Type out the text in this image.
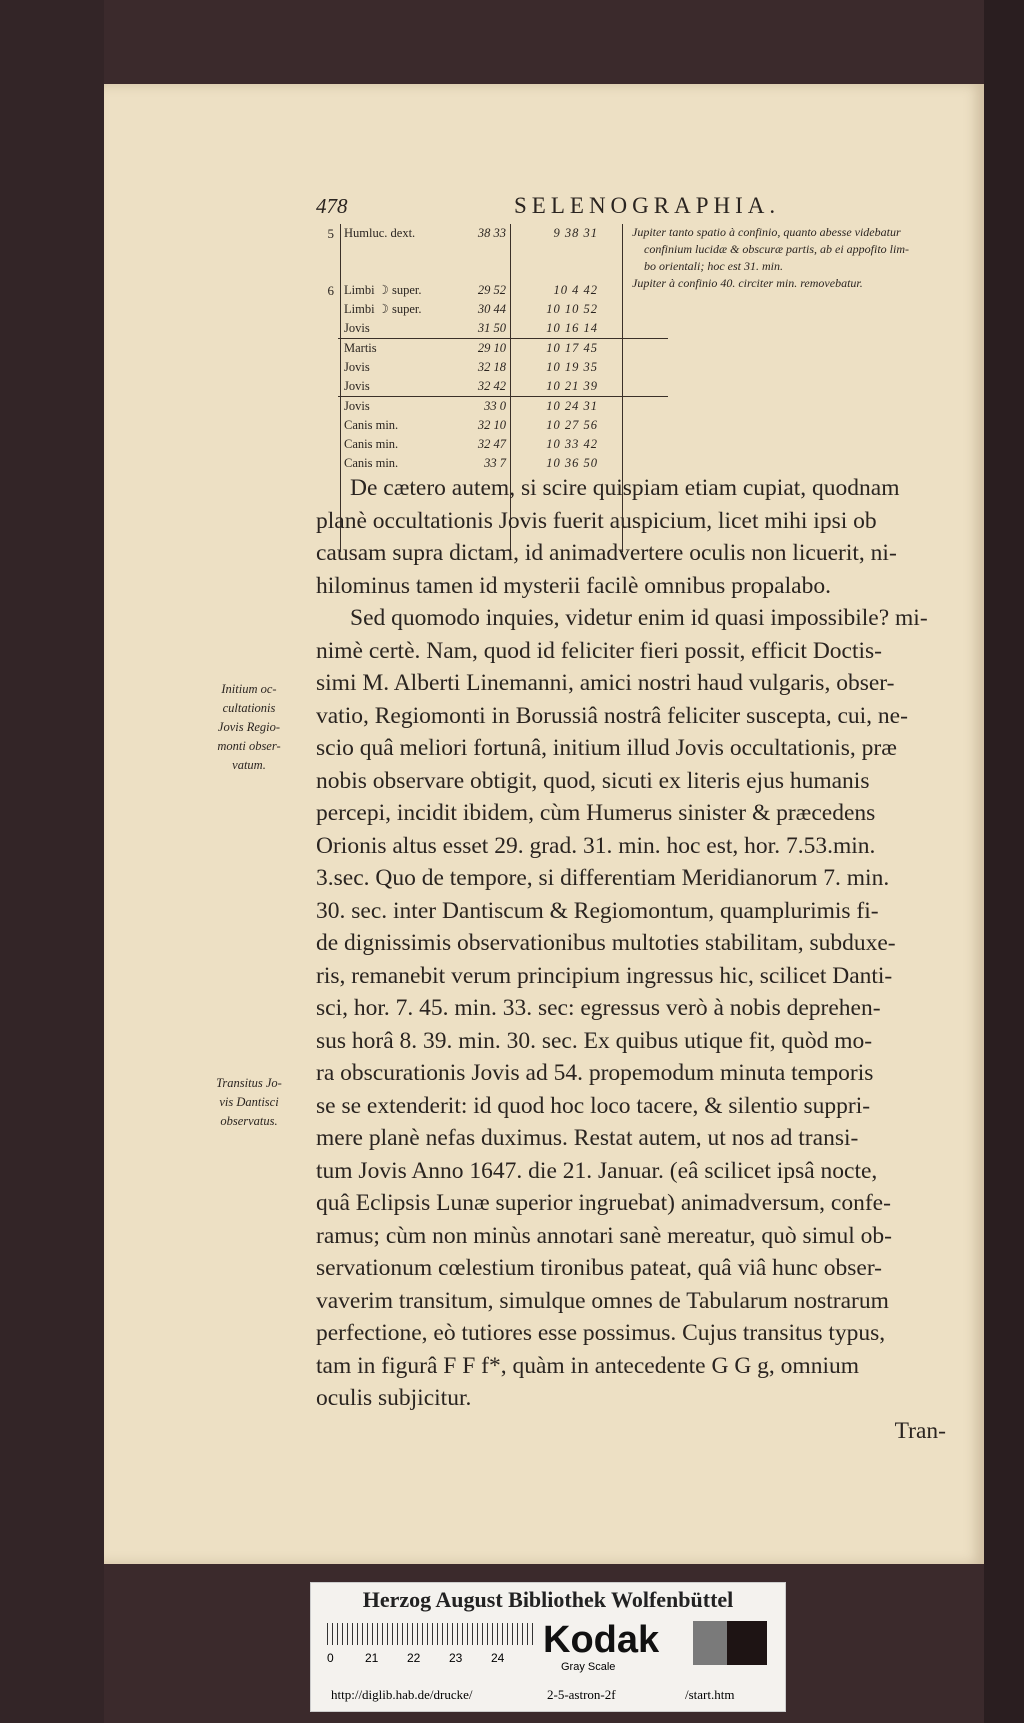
478	SELENOGRAPHIA.
5 Humluc. dext.	38 33	9 38 31
6 Limbi ☽ super.	29 52	10 4 42
Limbi ☽ super.	30 44	10 10 52
Jovis	31 50	10 16 14
Martis	29 10	10 17 45
Jovis	32 18	10 19 35
Jovis	32 42	10 21 39
Jovis	33 0	10 24 31
Canis min.	32 10	10 27 56
Canis min.	32 47	10 33 42
Canis min.	33 7	10 36 50
Jupiter tanto spatio à confinio, quanto abesse videbatur
confinium lucidæ & obscuræ partis, ab ei appofito lim-
bo orientali; hoc est 31. min.
Jupiter à confinio 40. circiter min. removebatur.
Initium oc-
cultationis
Jovis Regio-
monti obser-
vatum.
Transitus Jo-
vis Dantisci
observatus.
De cætero autem, si scire quispiam etiam cupiat, quodnam
planè occultationis Jovis fuerit auspicium, licet mihi ipsi ob
causam supra dictam, id animadvertere oculis non licuerit, ni-
hilominus tamen id mysterii facilè omnibus propalabo.
Sed quomodo inquies, videtur enim id quasi impossibile? mi-
nimè certè. Nam, quod id feliciter fieri possit, efficit Doctis-
simi M. Alberti Linemanni, amici nostri haud vulgaris, obser-
vatio, Regiomonti in Borussiâ nostrâ feliciter suscepta, cui, ne-
scio quâ meliori fortunâ, initium illud Jovis occultationis, præ
nobis observare obtigit, quod, sicuti ex literis ejus humanis
percepi, incidit ibidem, cùm Humerus sinister & præcedens
Orionis altus esset 29. grad. 31. min. hoc est, hor. 7.53.min.
3.sec. Quo de tempore, si differentiam Meridianorum 7. min.
30. sec. inter Dantiscum & Regiomontum, quamplurimis fi-
de dignissimis observationibus multoties stabilitam, subduxe-
ris, remanebit verum principium ingressus hic, scilicet Danti-
sci, hor. 7. 45. min. 33. sec: egressus verò à nobis deprehen-
sus horâ 8. 39. min. 30. sec. Ex quibus utique fit, quòd mo-
ra obscurationis Jovis ad 54. propemodum minuta temporis
se se extenderit: id quod hoc loco tacere, & silentio suppri-
mere planè nefas duximus. Restat autem, ut nos ad transi-
tum Jovis Anno 1647. die 21. Januar. (eâ scilicet ipsâ nocte,
quâ Eclipsis Lunæ superior ingruebat) animadversum, confe-
ramus; cùm non minùs annotari sanè mereatur, quò simul ob-
servationum cœlestium tironibus pateat, quâ viâ hunc obser-
vaverim transitum, simulque omnes de Tabularum nostrarum
perfectione, eò tutiores esse possimus. Cujus transitus typus,
tam in figurâ F F f*, quàm in antecedente G G g, omnium
oculis subjicitur.
Tran-
Herzog August Bibliothek Wolfenbüttel
0	21 22 23 24 Kodak
Gray Scale
http://diglib.hab.de/drucke/	2-5-astron-2f	/start.htm
